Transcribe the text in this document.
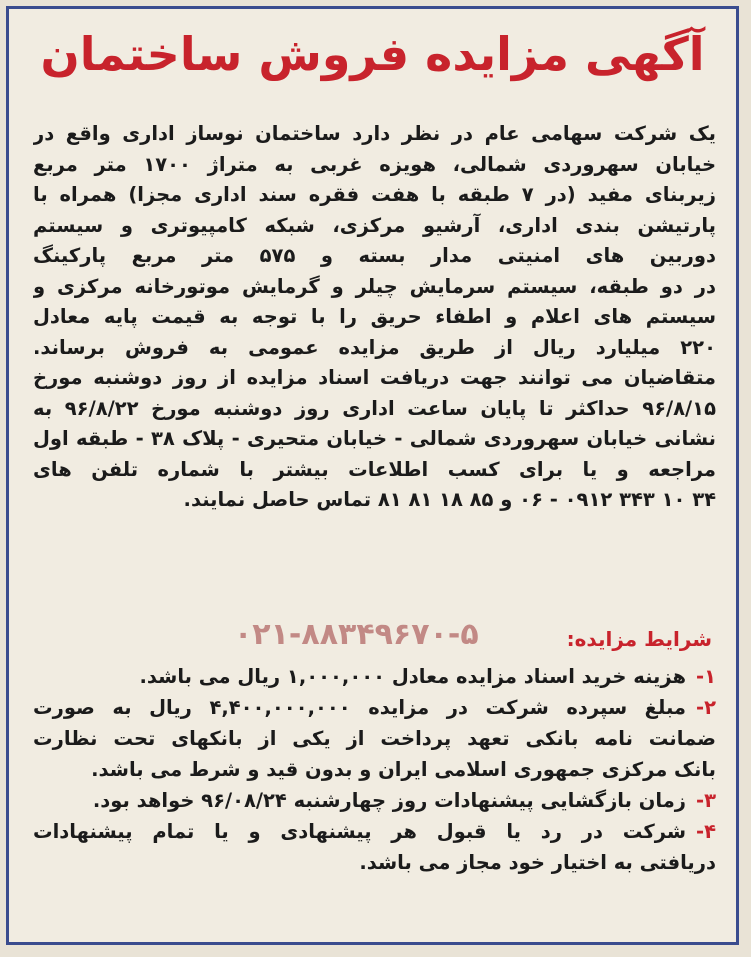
آگهی مزایده فروش ساختمان
یک شرکت سهامی عام در نظر دارد ساختمان نوساز اداری واقع در
خیابان سهروردی شمالی، هویزه غربی به متراژ ۱۷۰۰ متر مربع
زیربنای مفید (در ۷ طبقه با هفت فقره سند اداری مجزا) همراه با
پارتیشن بندی اداری، آرشیو مرکزی، شبکه کامپیوتری و سیستم
دوربین های امنیتی مدار بسته و ۵۷۵ متر مربع پارکینگ
در دو طبقه، سیستم سرمایش چیلر و گرمایش موتورخانه مرکزی و
سیستم های اعلام و اطفاء حریق را با توجه به قیمت پایه معادل
۲۲۰ میلیارد ریال از طریق مزایده عمومی به فروش برساند.
متقاضیان می توانند جهت دریافت اسناد مزایده از روز دوشنبه مورخ
۹۶/۸/۱۵ حداکثر تا پایان ساعت اداری روز دوشنبه مورخ ۹۶/۸/۲۲ به
نشانی خیابان سهروردی شمالی - خیابان متحیری - پلاک ۳۸ - طبقه اول
مراجعه و یا برای کسب اطلاعات بیشتر با شماره تلفن های
۳۴ ۱۰ ۳۴۳ ۰۹۱۲ - ۰۶ و ۸۵ ۱۸ ۸۱ ۸۱ تماس حاصل نمایند.
۰۲۱-۸۸۳۴۹۶۷۰-۵	شرایط مزایده:
۱-هزینه خرید اسناد مزایده معادل ۱,۰۰۰,۰۰۰ ریال می باشد.
۲-مبلغ سپرده شرکت در مزایده ۴,۴۰۰,۰۰۰,۰۰۰ ریال به صورت
ضمانت نامه بانکی تعهد پرداخت از یکی از بانکهای تحت نظارت
بانک مرکزی جمهوری اسلامی ایران و بدون قید و شرط می باشد.
۳-زمان بازگشایی پیشنهادات روز چهارشنبه ۹۶/۰۸/۲۴ خواهد بود.
۴-شرکت در رد یا قبول هر پیشنهادی و یا تمام پیشنهادات
دریافتی به اختیار خود مجاز می باشد.
